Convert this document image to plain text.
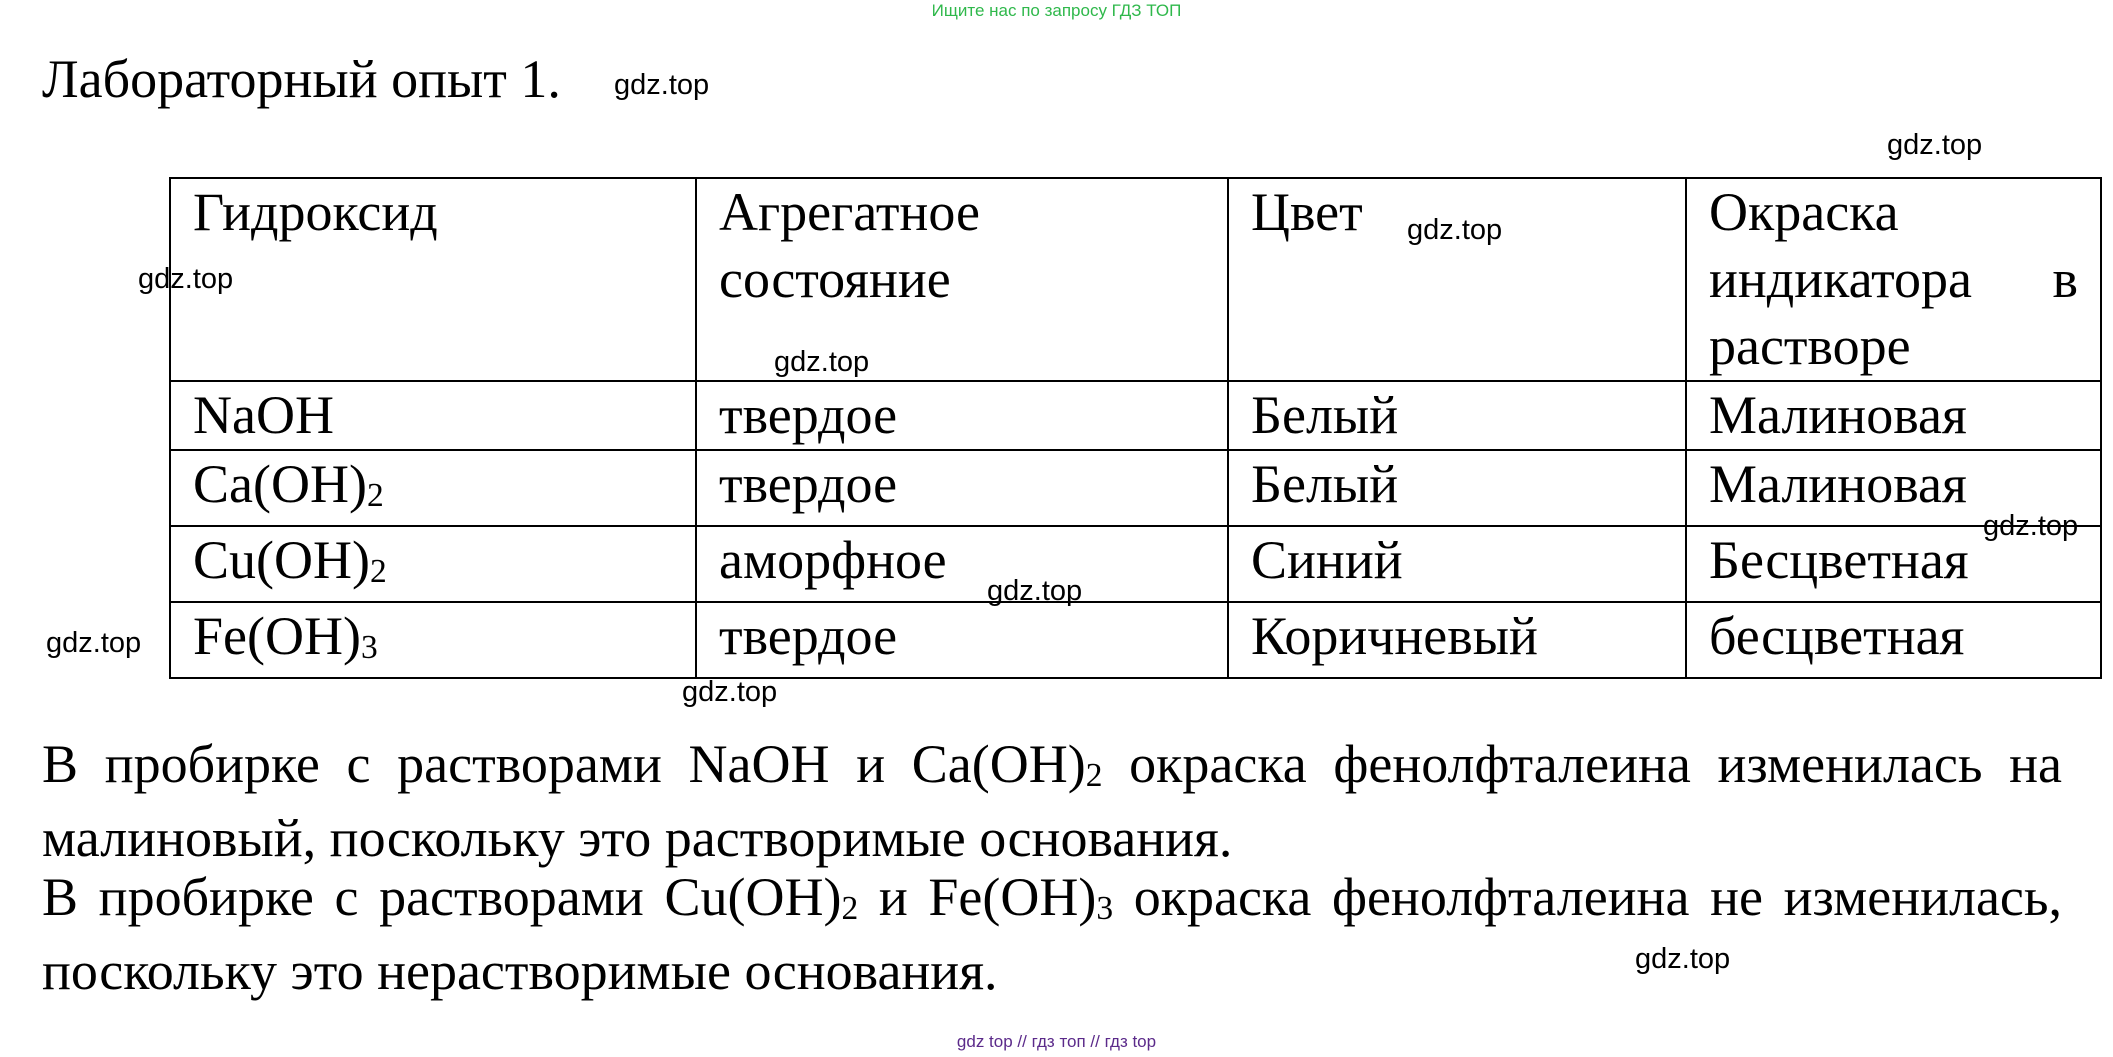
Ищите нас по запросу ГДЗ ТОП
Лабораторный опыт 1.
Гидроксид	Агрегатное состояние	Цвет	Окраска индикатора в растворе
NaOH	твердое	Белый	Малиновая
Ca(OH)2	твердое	Белый	Малиновая
Cu(OH)2	аморфное	Синий	Бесцветная
Fe(OH)3	твердое	Коричневый	бесцветная
В пробирке с растворами NaOH и Ca(OH)2 окраска фенолфталеина изменилась на малиновый, поскольку это растворимые основания.
В пробирке с растворами Cu(OH)2 и Fe(OH)3 окраска фенолфталеина не изменилась, поскольку это нерастворимые основания.
gdz.top
gdz.top
gdz.top
gdz.top
gdz.top
gdz.top
gdz.top
gdz.top
gdz.top
gdz.top
gdz top // гдз топ // гдз top
